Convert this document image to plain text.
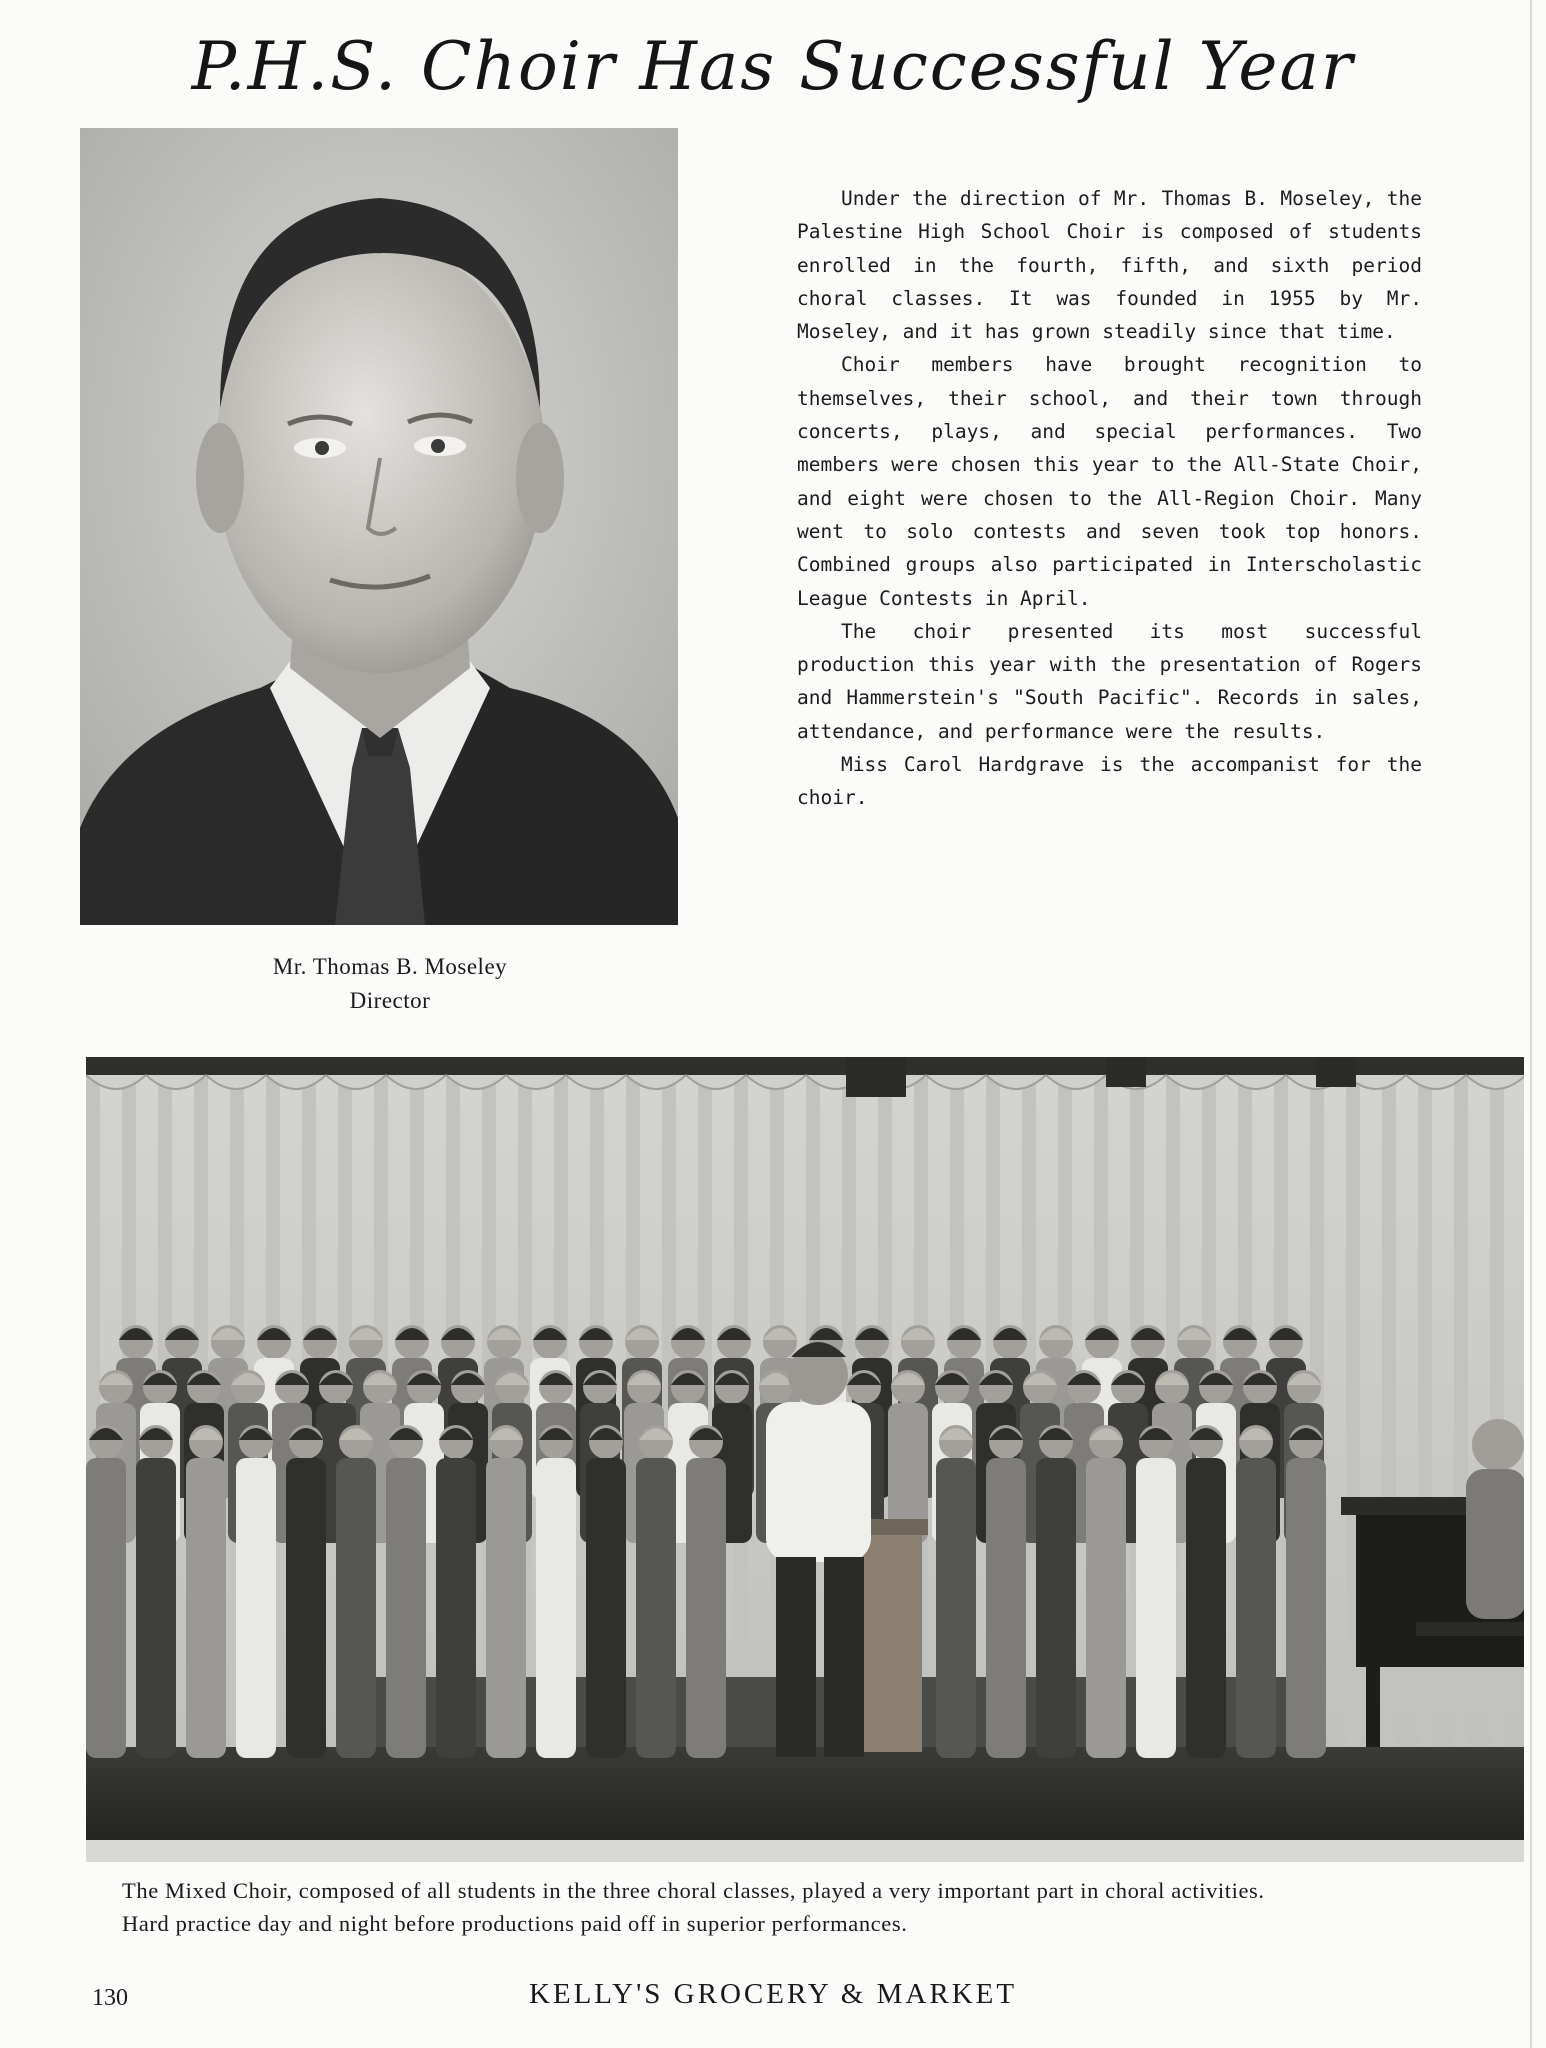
P.H.S. Choir Has Successful Year
Mr. Thomas B. Moseley
Director

Under the direction of Mr. Thomas B. Moseley, the Palestine High School Choir is composed of students enrolled in the fourth, fifth, and sixth period choral classes. It was founded in 1955 by Mr. Moseley, and it has grown steadily since that time.

Choir members have brought recognition to themselves, their school, and their town through concerts, plays, and special performances. Two members were chosen this year to the All-State Choir, and eight were chosen to the All-Region Choir. Many went to solo contests and seven took top honors. Combined groups also participated in Interscholastic League Contests in April.

The choir presented its most successful production this year with the presentation of Rogers and Hammerstein's "South Pacific". Records in sales, attendance, and performance were the results.

Miss Carol Hardgrave is the accompanist for the choir.

The Mixed Choir, composed of all students in the three choral classes, played a very important part in choral activities.
Hard practice day and night before productions paid off in superior performances.
130	KELLY'S GROCERY & MARKET
